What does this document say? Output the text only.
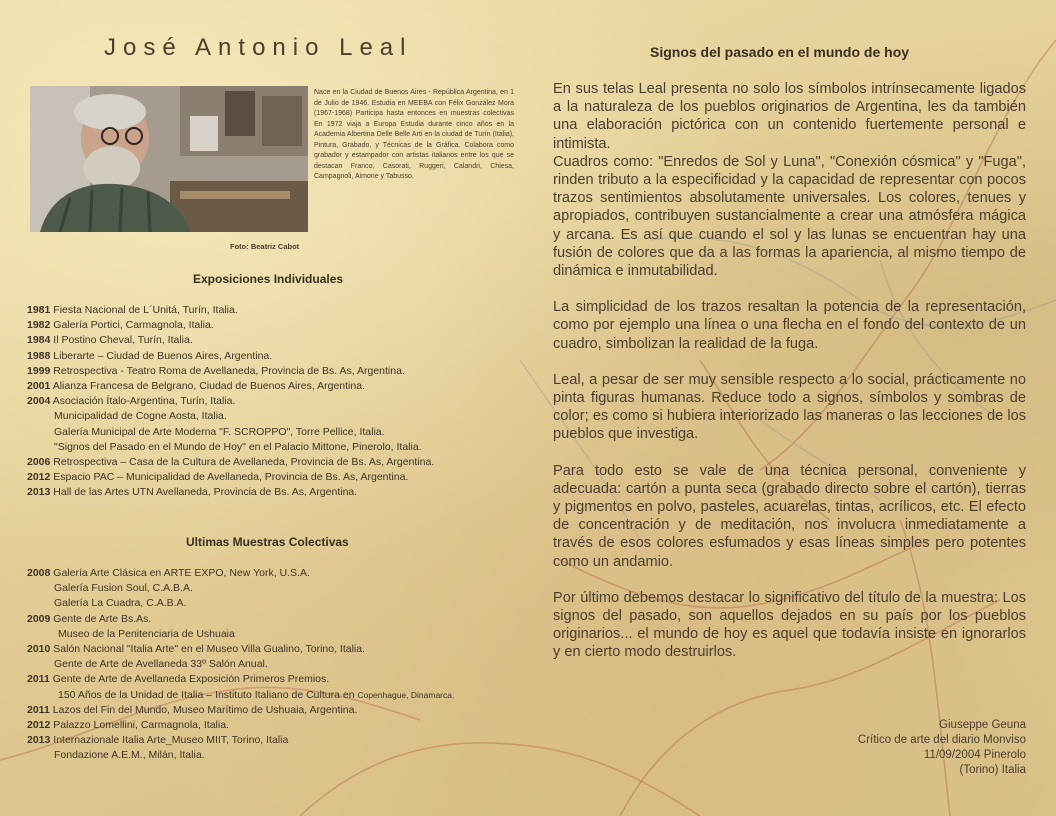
José Antonio Leal

Nace en la Ciudad de Buenos Aires - República Argentina, en 1 de Julio de 1946. Estudia en MEEBA con Félix González Mora (1967-1968) Participa hasta entonces en muestras colectivas En 1972 viaja a Europa Estudia durante cinco años en la Academia Albertina Delle Belle Arti en la ciudad de Turín (Italia), Pintura, Grabado, y Técnicas de la Gráfica. Colabora como grabador y estampador con artistas italianos entre los que se destacan Franco, Casorati, Ruggeri, Calandri, Chiesa, Campagnoli, Aimone y Tabusso.

Foto: Beatriz Cabot
Exposiciones Individuales
1981 Fiesta Nacional de L´Unitá, Turín, Italia.
1982 Galería Portici, Carmagnola, Italia.
1984 Il Postino Cheval, Turín, Italia.
1988 Liberarte – Ciudad de Buenos Aires, Argentina.
1999 Retrospectiva - Teatro Roma de Avellaneda, Provincia de Bs. As, Argentina.
2001 Alianza Francesa de Belgrano, Ciudad de Buenos Aires, Argentina.
2004 Asociación Ítalo-Argentina, Turín, Italia.
Municipalidad de Cogne Aosta, Italia.
Galería Municipal de Arte Moderna "F. SCROPPO", Torre Pellice, Italia.
"Signos del Pasado en el Mundo de Hoy" en el Palacio Mittone, Pinerolo, Italia.
2006 Retrospectiva – Casa de la Cultura de Avellaneda, Provincia de Bs. As, Argentina.
2012 Espacio PAC – Municipalidad de Avellaneda, Provincia de Bs. As, Argentina.
2013 Hall de las Artes UTN Avellaneda, Provincia de Bs. As, Argentina.
Ultimas Muestras Colectivas
2008 Galería Arte Clásica en ARTE EXPO, New York, U.S.A.
Galería Fusion Soul, C.A.B.A.
Galería La Cuadra, C.A.B.A.
2009 Gente de Arte Bs.As.
Museo de la Penitenciaria de Ushuaia
2010 Salón Nacional "Italia Arte" en el Museo Villa Gualino, Torino, Italia.
Gente de Arte de Avellaneda 33º Salón Anual.
2011 Gente de Arte de Avellaneda Exposición Primeros Premios.
150 Años de la Unidad de Italia – Instituto Italiano de Cultura en Copenhague, Dinamarca.
2011 Lazos del Fin del Mundo, Museo Marítimo de Ushuaia, Argentina.
2012 Palazzo Lomellini, Carmagnola, Italia.
2013 Internazionale Italia Arte_Museo MIIT, Torino, Italia
Fondazione A.E.M., Milán, Italia.
Signos del pasado en el mundo de hoy

En sus telas Leal presenta no solo los símbolos intrínsecamente ligados a la naturaleza de los pueblos originarios de Argentina, les da también una elaboración pictórica con un contenido fuertemente personal e intimista.
Cuadros como: "Enredos de Sol y Luna", "Conexión cósmica" y "Fuga", rinden tributo a la especificidad y la capacidad de representar con pocos trazos sentimientos absolutamente universales. Los colores, tenues y apropiados, contribuyen sustancialmente a crear una atmósfera mágica y arcana. Es así que cuando el sol y las lunas se encuentran hay una fusión de colores que da a las formas la apariencia, al mismo tiempo de dinámica e inmutabilidad.

La simplicidad de los trazos resaltan la potencia de la representación, como por ejemplo una línea o una flecha en el fondo del contexto de un cuadro, simbolizan la realidad de la fuga.

Leal, a pesar de ser muy sensible respecto a lo social, prácticamente no pinta figuras humanas. Reduce todo a signos, símbolos y sombras de color; es como si hubiera interiorizado las maneras o las lecciones de los pueblos que investiga.

Para todo esto se vale de una técnica personal, conveniente y adecuada: cartón a punta seca (grabado directo sobre el cartón), tierras y pigmentos en polvo, pasteles, acuarelas, tintas, acrílicos, etc. El efecto de concentración y de meditación, nos involucra inmediatamente a través de esos colores esfumados y esas líneas simples pero potentes como un andamio.

Por último debemos destacar lo significativo del título de la muestra: Los signos del pasado, son aquellos dejados en su país por los pueblos originarios... el mundo de hoy es aquel que todavía insiste en ignorarlos y en cierto modo destruirlos.

Giuseppe Geuna
Crítico de arte del diario Monviso
11/09/2004 Pinerolo
(Torino) Italia
